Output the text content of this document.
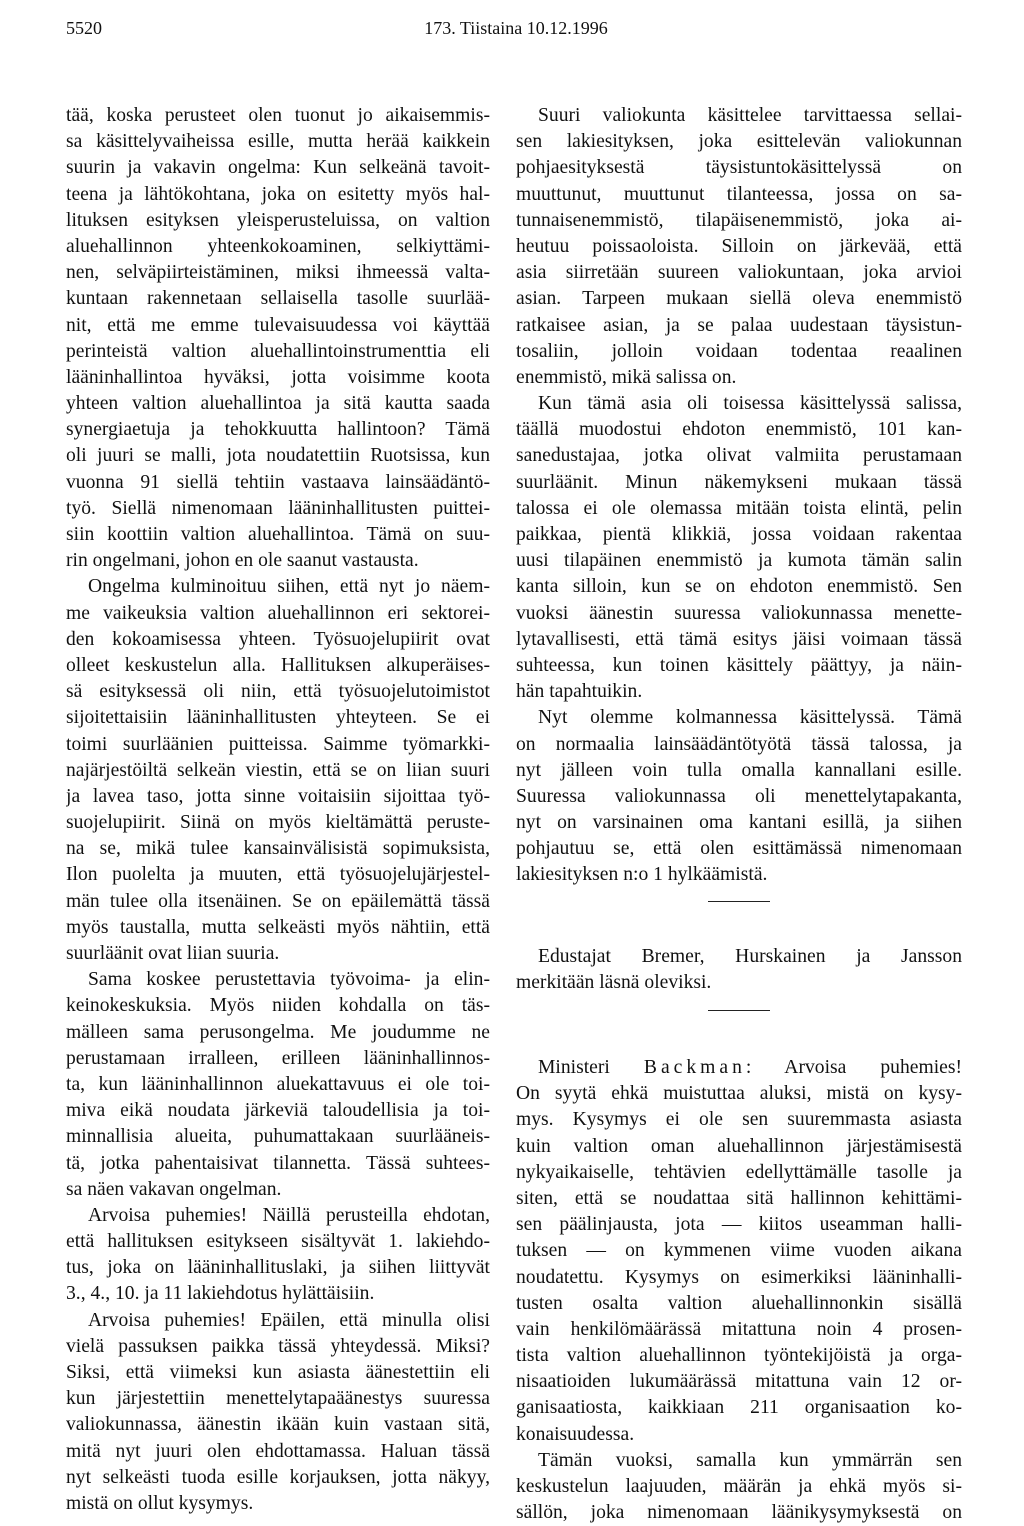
5520	173. Tiistaina 10.12.1996
tää, koska perusteet olen tuonut jo aikaisemmis-
sa käsittelyvaiheissa esille, mutta herää kaikkein
suurin ja vakavin ongelma: Kun selkeänä tavoit-
teena ja lähtökohtana, joka on esitetty myös hal-
lituksen esityksen yleisperusteluissa, on valtion
aluehallinnon yhteenkokoaminen, selkiyttämi-
nen, selväpiirteistäminen, miksi ihmeessä valta-
kuntaan rakennetaan sellaisella tasolle suurlää-
nit, että me emme tulevaisuudessa voi käyttää
perinteistä valtion aluehallintoinstrumenttia eli
lääninhallintoa hyväksi, jotta voisimme koota
yhteen valtion aluehallintoa ja sitä kautta saada
synergiaetuja ja tehokkuutta hallintoon? Tämä
oli juuri se malli, jota noudatettiin Ruotsissa, kun
vuonna 91 siellä tehtiin vastaava lainsäädäntö-
työ. Siellä nimenomaan lääninhallitusten puittei-
siin koottiin valtion aluehallintoa. Tämä on suu-
rin ongelmani, johon en ole saanut vastausta.
Ongelma kulminoituu siihen, että nyt jo näem-
me vaikeuksia valtion aluehallinnon eri sektorei-
den kokoamisessa yhteen. Työsuojelupiirit ovat
olleet keskustelun alla. Hallituksen alkuperäises-
sä esityksessä oli niin, että työsuojelutoimistot
sijoitettaisiin lääninhallitusten yhteyteen. Se ei
toimi suurläänien puitteissa. Saimme työmarkki-
najärjestöiltä selkeän viestin, että se on liian suuri
ja lavea taso, jotta sinne voitaisiin sijoittaa työ-
suojelupiirit. Siinä on myös kieltämättä peruste-
na se, mikä tulee kansainvälisistä sopimuksista,
Ilon puolelta ja muuten, että työsuojelujärjestel-
män tulee olla itsenäinen. Se on epäilemättä tässä
myös taustalla, mutta selkeästi myös nähtiin, että
suurläänit ovat liian suuria.
Sama koskee perustettavia työvoima- ja elin-
keinokeskuksia. Myös niiden kohdalla on täs-
mälleen sama perusongelma. Me joudumme ne
perustamaan irralleen, erilleen lääninhallinnos-
ta, kun lääninhallinnon aluekattavuus ei ole toi-
miva eikä noudata järkeviä taloudellisia ja toi-
minnallisia alueita, puhumattakaan suurlääneis-
tä, jotka pahentaisivat tilannetta. Tässä suhtees-
sa näen vakavan ongelman.
Arvoisa puhemies! Näillä perusteilla ehdotan,
että hallituksen esitykseen sisältyvät 1. lakiehdo-
tus, joka on lääninhallituslaki, ja siihen liittyvät
3., 4., 10. ja 11 lakiehdotus hylättäisiin.
Arvoisa puhemies! Epäilen, että minulla olisi
vielä passuksen paikka tässä yhteydessä. Miksi?
Siksi, että viimeksi kun asiasta äänestettiin eli
kun järjestettiin menettelytapaäänestys suuressa
valiokunnassa, äänestin ikään kuin vastaan sitä,
mitä nyt juuri olen ehdottamassa. Haluan tässä
nyt selkeästi tuoda esille korjauksen, jotta näkyy,
mistä on ollut kysymys.
Suuri valiokunta käsittelee tarvittaessa sellai-
sen lakiesityksen, joka esittelevän valiokunnan
pohjaesityksestä täysistuntokäsittelyssä on
muuttunut, muuttunut tilanteessa, jossa on sa-
tunnaisenemmistö, tilapäisenemmistö, joka ai-
heutuu poissaoloista. Silloin on järkevää, että
asia siirretään suureen valiokuntaan, joka arvioi
asian. Tarpeen mukaan siellä oleva enemmistö
ratkaisee asian, ja se palaa uudestaan täysistun-
tosaliin, jolloin voidaan todentaa reaalinen
enemmistö, mikä salissa on.
Kun tämä asia oli toisessa käsittelyssä salissa,
täällä muodostui ehdoton enemmistö, 101 kan-
sanedustajaa, jotka olivat valmiita perustamaan
suurläänit. Minun näkemykseni mukaan tässä
talossa ei ole olemassa mitään toista elintä, pelin
paikkaa, pientä klikkiä, jossa voidaan rakentaa
uusi tilapäinen enemmistö ja kumota tämän salin
kanta silloin, kun se on ehdoton enemmistö. Sen
vuoksi äänestin suuressa valiokunnassa menette-
lytavallisesti, että tämä esitys jäisi voimaan tässä
suhteessa, kun toinen käsittely päättyy, ja näin-
hän tapahtuikin.
Nyt olemme kolmannessa käsittelyssä. Tämä
on normaalia lainsäädäntötyötä tässä talossa, ja
nyt jälleen voin tulla omalla kannallani esille.
Suuressa valiokunnassa oli menettelytapakanta,
nyt on varsinainen oma kantani esillä, ja siihen
pohjautuu se, että olen esittämässä nimenomaan
lakiesityksen n:o 1 hylkäämistä.
Edustajat Bremer, Hurskainen ja Jansson
merkitään läsnä oleviksi.
Ministeri Backman: Arvoisa puhemies!
On syytä ehkä muistuttaa aluksi, mistä on kysy-
mys. Kysymys ei ole sen suuremmasta asiasta
kuin valtion oman aluehallinnon järjestämisestä
nykyaikaiselle, tehtävien edellyttämälle tasolle ja
siten, että se noudattaa sitä hallinnon kehittämi-
sen päälinjausta, jota — kiitos useamman halli-
tuksen — on kymmenen viime vuoden aikana
noudatettu. Kysymys on esimerkiksi lääninhalli-
tusten osalta valtion aluehallinnonkin sisällä
vain henkilömäärässä mitattuna noin 4 prosen-
tista valtion aluehallinnon työntekijöistä ja orga-
nisaatioiden lukumäärässä mitattuna vain 12 or-
ganisaatiosta, kaikkiaan 211 organisaation ko-
konaisuudessa.
Tämän vuoksi, samalla kun ymmärrän sen
keskustelun laajuuden, määrän ja ehkä myös si-
sällön, joka nimenomaan läänikysymyksestä on
